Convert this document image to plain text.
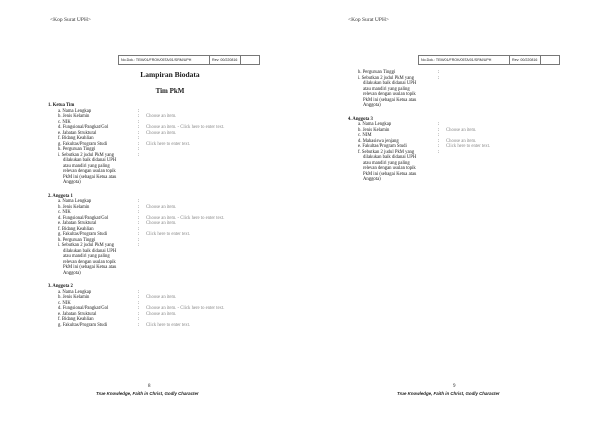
<Kop Surat UPH>
No.Dok.: TEM/01/FROK/05TA/01/SRM/UPH	Rev: 00/220816	
Lampiran Biodata
Tim PkM
1. Ketua Tim
a. Nama Lengkap	:
b. Jenis Kelamin	:	Choose an item.
c. NIK	:
d. Fungsional/Pangkat/Gol	:	Choose an item. - Click here to enter text.
e. Jabatan Struktural	:	Choose an item.
f. Bidang Keahlian	:
g. Fakultas/Program Studi	:	Click here to enter text.
h. Perguruan Tinggi	:
i. Sebutkan 2 judul PkM yang	:
dilakukan baik didanai UPH
atau mandiri yang paling
relevan dengan usulan topik
PkM ini (sebagai Ketua atau
Anggota)
2. Anggota 1
a. Nama Lengkap	:
b. Jenis Kelamin	:	Choose an item.
c. NIK	:
d. Fungsional/Pangkat/Gol	:	Choose an item. - Click here to enter text.
e. Jabatan Struktural	:	Choose an item.
f. Bidang Keahlian	:
g. Fakultas/Program Studi	:	Click here to enter text.
h. Perguruan Tinggi	:
i. Sebutkan 2 judul PkM yang	:
dilakukan baik didanai UPH
atau mandiri yang paling
relevan dengan usulan topik
PkM ini (sebagai Ketua atau
Anggota)
3. Anggota 2
a. Nama Lengkap	:
b. Jenis Kelamin	:	Choose an item.
c. NIK	:
d. Fungsional/Pangkat/Gol	:	Choose an item. - Click here to enter text.
e. Jabatan Struktural	:	Choose an item.
f. Bidang Keahlian	:
g. Fakultas/Program Studi	:	Click here to enter text.
8
True Knowledge, Faith in Christ, Godly Character
<Kop Surat UPH>
No.Dok.: TEM/01/FROK/05TA/01/SRM/UPH	Rev: 00/220816	
h. Perguruan Tinggi	:
i. Sebutkan 2 judul PkM yang	:
dilakukan baik didanai UPH
atau mandiri yang paling
relevan dengan usulan topik
PkM ini (sebagai Ketua atau
Anggota)
4. Anggota 3
a. Nama Lengkap	:
b. Jenis Kelamin	:	Choose an item.
c. NIM	:
d. Mahasiswa jenjang	:	Choose an item.
e. Fakultas/Program Studi	:	Click here to enter text.
f. Sebutkan 2 judul PkM yang	:
dilakukan baik didanai UPH
atau mandiri yang paling
relevan dengan usulan topik
PkM ini (sebagai Ketua atau
Anggota)
9
True Knowledge, Faith in Christ, Godly Character
